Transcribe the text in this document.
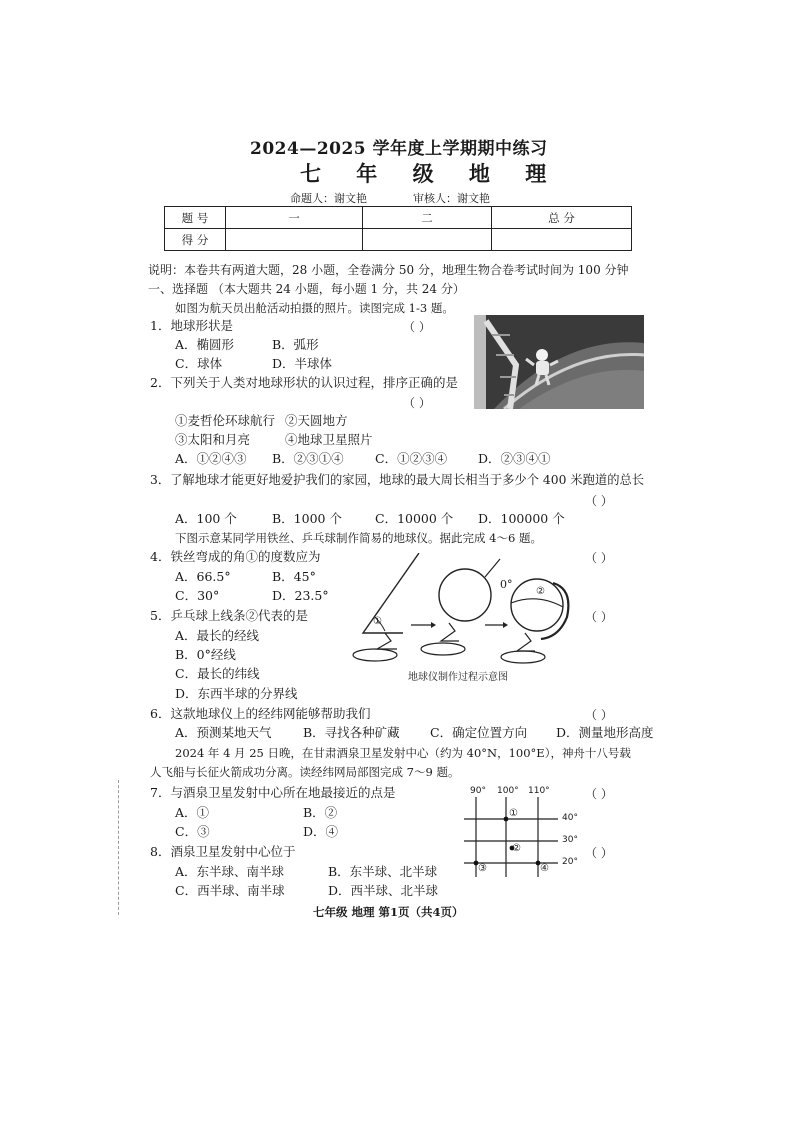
2024—2025 学年度上学期期中练习
七 年 级 地 理
命题人：谢文艳	审核人：谢文艳
题 号	一	二	总 分
得 分			
说明：本卷共有两道大题，28 小题，全卷满分 50 分，地理生物合卷考试时间为 100 分钟
一、选择题 （本大题共 24 小题，每小题 1 分，共 24 分）
如图为航天员出舱活动拍摄的照片。读图完成 1-3 题。
1．地球形状是	（ ）
A．椭圆形	B．弧形
C．球体	D．半球体
2．下列关于人类对地球形状的认识过程，排序正确的是
（ ）
①麦哲伦环球航行 ②天圆地方
③太阳和月亮	④地球卫星照片
A．①②④③ B．②③①④	C．①②③④ D．②③④①
3．了解地球才能更好地爱护我们的家园，地球的最大周长相当于多少个 400 米跑道的总长
（ ）
A．100 个	B．1000 个	C．10000 个 D．100000 个
下图示意某同学用铁丝、乒乓球制作简易的地球仪。据此完成 4～6 题。
4．铁丝弯成的角①的度数应为	（ ）
A．66.5°	B．45°
C．30°	D．23.5°
①
②
0°
地球仪制作过程示意图
5．乒乓球上线条②代表的是	（ ）
A．最长的经线
B．0°经线
C．最长的纬线
D．东西半球的分界线
6．这款地球仪上的经纬网能够帮助我们	（ ）
A．预测某地天气	B．寻找各种矿藏 C．确定位置方向 D．测量地形高度
2024 年 4 月 25 日晚，在甘肃酒泉卫星发射中心（约为 40°N，100°E），神舟十八号载
人飞船与长征火箭成功分离。读经纬网局部图完成 7～9 题。
7．与酒泉卫星发射中心所在地最接近的点是	（ ）
A．①	B．②
C．③	D．④
90° 100° 110°
40°
30°
20°
①
②
③	④
8．酒泉卫星发射中心位于	（ ）
A．东半球、南半球	B．东半球、北半球
C．西半球、南半球	D．西半球、北半球
七年级 地理 第1页（共4页）
